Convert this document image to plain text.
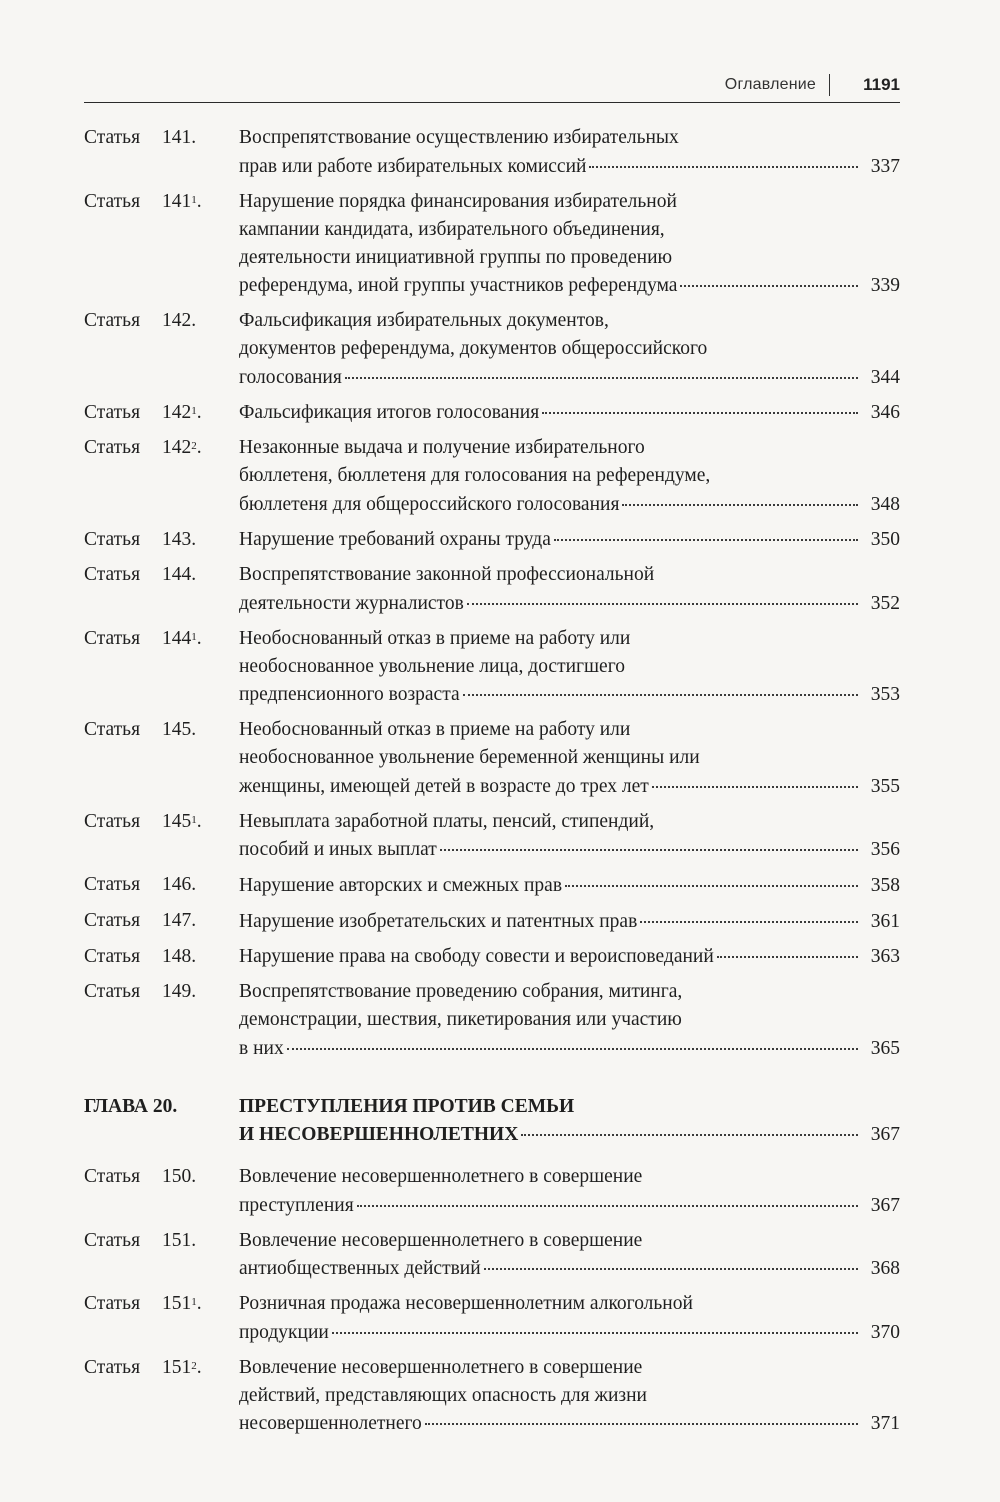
Оглавление	1191
Статья 141. Воспрепятствование осуществлению избирательных
прав или работе избирательных комиссий	337
Статья $141^1$. Нарушение порядка финансирования избирательной
кампании кандидата, избирательного объединения,
деятельности инициативной группы по проведению
референдума, иной группы участников референдума	339
Статья 142. Фальсификация избирательных документов,
документов референдума, документов общероссийского
голосования	344
Статья $142^1$. Фальсификация итогов голосования	346
Статья $142^2$. Незаконные выдача и получение избирательного
бюллетеня, бюллетеня для голосования на референдуме,
бюллетеня для общероссийского голосования	348
Статья 143. Нарушение требований охраны труда	350
Статья 144. Воспрепятствование законной профессиональной
деятельности журналистов	352
Статья $144^1$. Необоснованный отказ в приеме на работу или
необоснованное увольнение лица, достигшего
предпенсионного возраста	353
Статья 145. Необоснованный отказ в приеме на работу или
необоснованное увольнение беременной женщины или
женщины, имеющей детей в возрасте до трех лет	355
Статья $145^1$. Невыплата заработной платы, пенсий, стипендий,
пособий и иных выплат	356
Статья 146. Нарушение авторских и смежных прав	358
Статья 147. Нарушение изобретательских и патентных прав	361
Статья 148. Нарушение права на свободу совести и вероисповеданий	363
Статья 149. Воспрепятствование проведению собрания, митинга,
демонстрации, шествия, пикетирования или участию
в них	365
ГЛАВА 20.	ПРЕСТУПЛЕНИЯ ПРОТИВ СЕМЬИ
И НЕСОВЕРШЕННОЛЕТНИХ	367
Статья 150. Вовлечение несовершеннолетнего в совершение
преступления	367
Статья 151. Вовлечение несовершеннолетнего в совершение
антиобщественных действий	368
Статья $151^1$. Розничная продажа несовершеннолетним алкогольной
продукции	370
Статья $151^2$. Вовлечение несовершеннолетнего в совершение
действий, представляющих опасность для жизни
несовершеннолетнего	371
